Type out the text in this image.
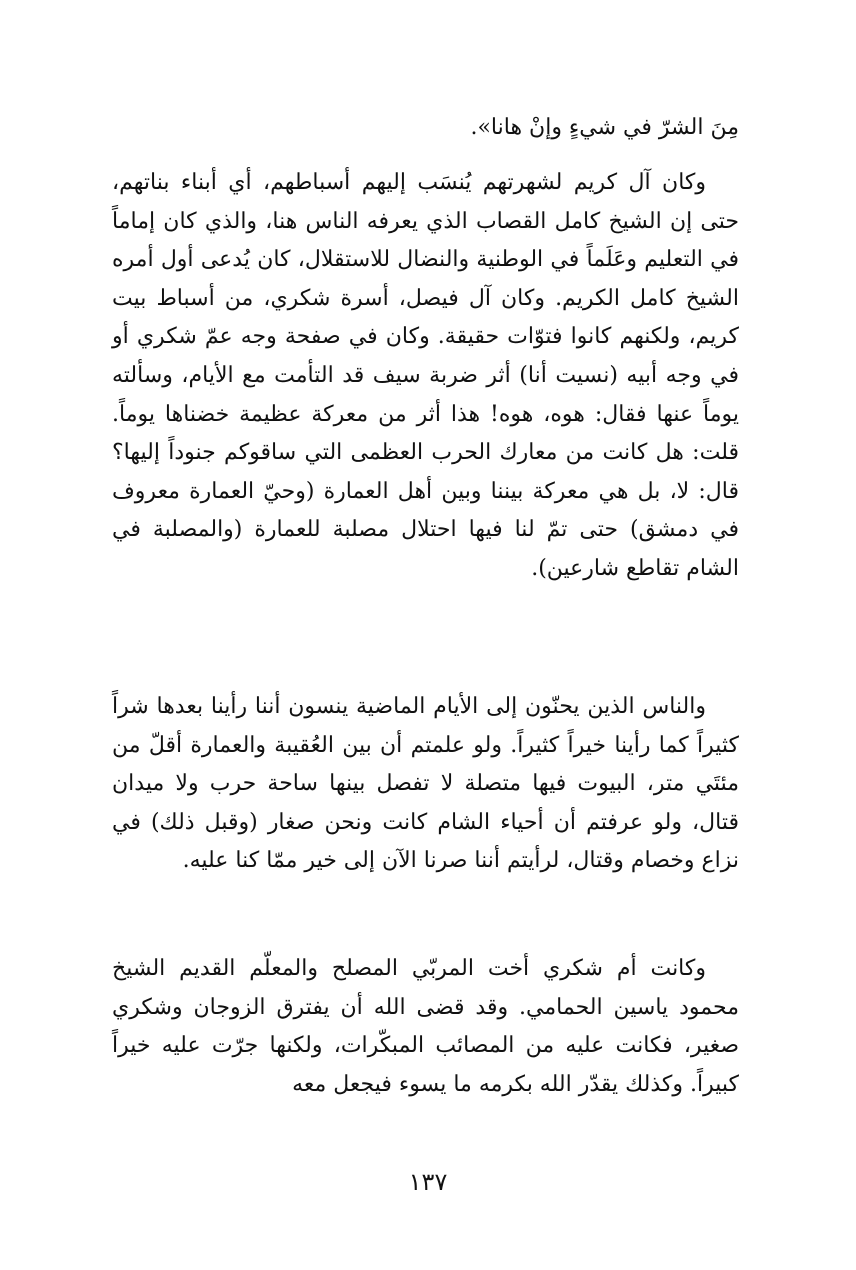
مِنَ الشرّ في شيءٍ وإنْ هانا».

وكان آل كريم لشهرتهم يُنسَب إليهم أسباطهم، أي أبناء بناتهم، حتى إن الشيخ كامل القصاب الذي يعرفه الناس هنا، والذي كان إماماً في التعليم وعَلَماً في الوطنية والنضال للاستقلال، كان يُدعى أول أمره الشيخ كامل الكريم. وكان آل فيصل، أسرة شكري، من أسباط بيت كريم، ولكنهم كانوا فتوّات حقيقة. وكان في صفحة وجه عمّ شكري أو في وجه أبيه (نسيت أنا) أثر ضربة سيف قد التأمت مع الأيام، وسألته يوماً عنها فقال: هوه، هوه! هذا أثر من معركة عظيمة خضناها يوماً. قلت: هل كانت من معارك الحرب العظمى التي ساقوكم جنوداً إليها؟ قال: لا، بل هي معركة بيننا وبين أهل العمارة (وحيّ العمارة معروف في دمشق) حتى تمّ لنا فيها احتلال مصلبة للعمارة (والمصلبة في الشام تقاطع شارعين).

والناس الذين يحنّون إلى الأيام الماضية ينسون أننا رأينا بعدها شراً كثيراً كما رأينا خيراً كثيراً. ولو علمتم أن بين العُقيبة والعمارة أقلّ من مئتَي متر، البيوت فيها متصلة لا تفصل بينها ساحة حرب ولا ميدان قتال، ولو عرفتم أن أحياء الشام كانت ونحن صغار (وقبل ذلك) في نزاع وخصام وقتال، لرأيتم أننا صرنا الآن إلى خير ممّا كنا عليه.

وكانت أم شكري أخت المربّي المصلح والمعلّم القديم الشيخ محمود ياسين الحمامي. وقد قضى الله أن يفترق الزوجان وشكري صغير، فكانت عليه من المصائب المبكّرات، ولكنها جرّت عليه خيراً كبيراً. وكذلك يقدّر الله بكرمه ما يسوء فيجعل معه

١٣٧
